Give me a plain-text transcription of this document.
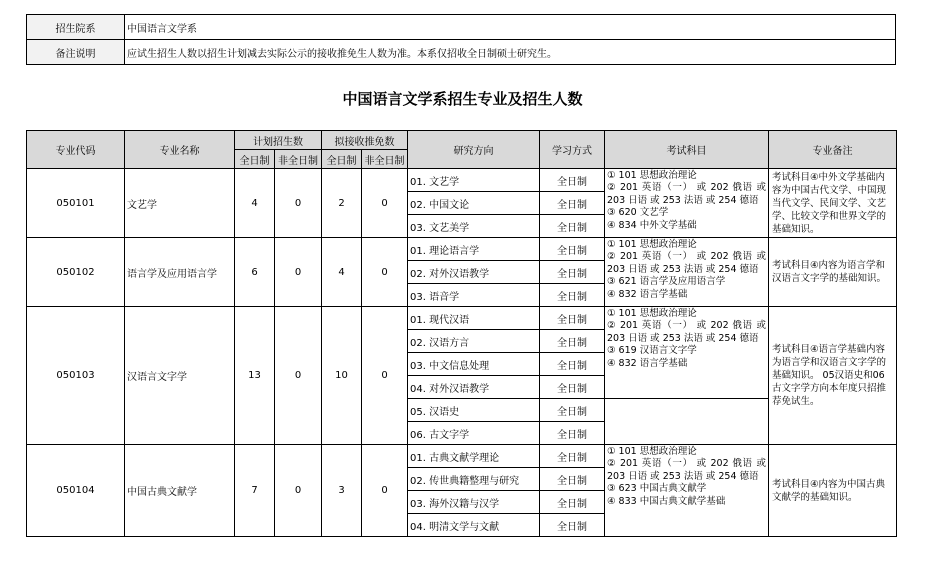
招生院系	中国语言文学系
备注说明	应试生招生人数以招生计划减去实际公示的接收推免生人数为准。本系仅招收全日制硕士研究生。
中国语言文学系招生专业及招生人数
专业代码	专业名称	计划招生数		拟接收推免数		研究方向	学习方式	考试科目	专业备注
		全日制	非全日制	全日制	非全日制				
050101	文艺学	4	0	2	0	01. 文艺学	全日制	① 101 思想政治理论
② 201 英语（一） 或 202 俄语 或 203 日语 或 253 法语 或 254 德语
③ 620 文艺学
④ 834 中外文学基础	考试科目④中外文学基础内容为中国古代文学、中国现当代文学、民间文学、文艺学、比较文学和世界文学的基础知识。
						02. 中国文论	全日制		
						03. 文艺美学	全日制		
050102	语言学及应用语言学	6	0	4	0	01. 理论语言学	全日制	① 101 思想政治理论
② 201 英语（一） 或 202 俄语 或 203 日语 或 253 法语 或 254 德语
③ 621 语言学及应用语言学
④ 832 语言学基础	考试科目④内容为语言学和汉语言文字学的基础知识。
						02. 对外汉语教学	全日制		
						03. 语音学	全日制		
050103	汉语言文字学	13	0	10	0	01. 现代汉语	全日制	① 101 思想政治理论
② 201 英语（一） 或 202 俄语 或 203 日语 或 253 法语 或 254 德语
③ 619 汉语言文字学
④ 832 语言学基础	考试科目④语言学基础内容为语言学和汉语言文字学的基础知识。 05汉语史和06古文字学方向本年度只招推荐免试生。
						02. 汉语方言	全日制		
						03. 中文信息处理	全日制		
						04. 对外汉语教学	全日制		
						05. 汉语史	全日制		
						06. 古文字学	全日制		
050104	中国古典文献学	7	0	3	0	01. 古典文献学理论	全日制	① 101 思想政治理论
② 201 英语（一） 或 202 俄语 或 203 日语 或 253 法语 或 254 德语
③ 623 中国古典文献学
④ 833 中国古典文献学基础	考试科目④内容为中国古典文献学的基础知识。
						02. 传世典籍整理与研究	全日制		
						03. 海外汉籍与汉学	全日制		
						04. 明清文学与文献	全日制		
